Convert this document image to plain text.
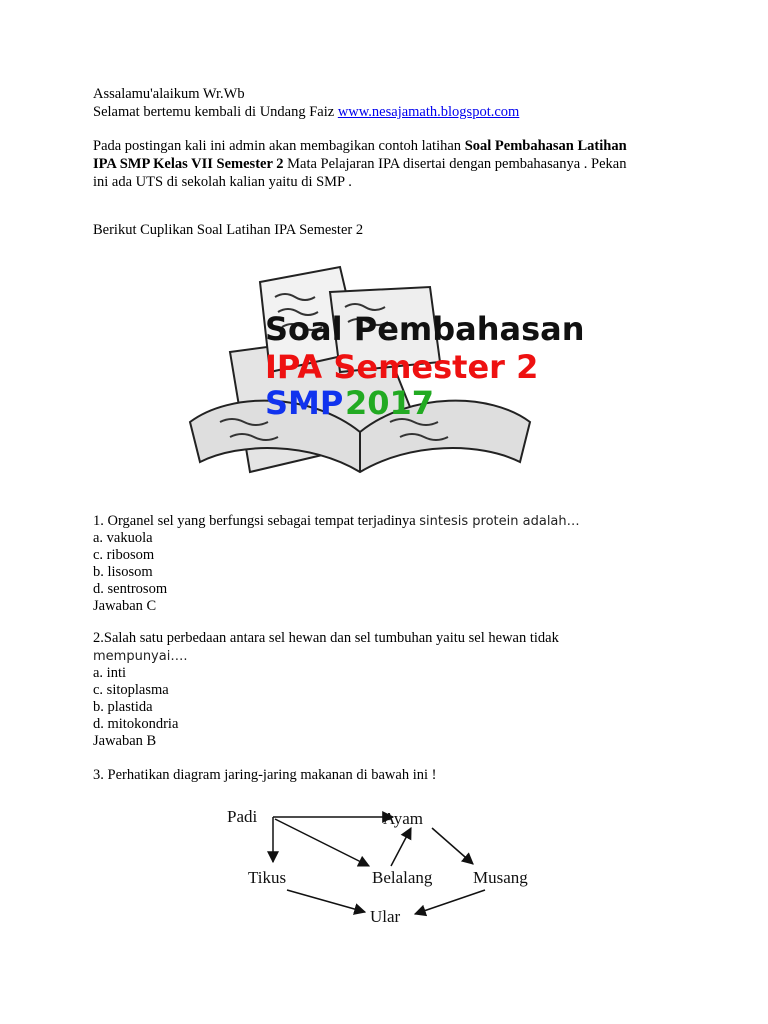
Assalamu'alaikum Wr.Wb
Selamat bertemu kembali di Undang Faiz www.nesajamath.blogspot.com
Pada postingan kali ini admin akan membagikan contoh latihan Soal Pembahasan Latihan
IPA SMP Kelas VII Semester 2 Mata Pelajaran IPA disertai dengan pembahasanya . Pekan
ini ada UTS di sekolah kalian yaitu di SMP .
Berikut Cuplikan Soal Latihan IPA Semester 2
Soal Pembahasan
IPA Semester 2
SMP 2017
1. Organel sel yang berfungsi sebagai tempat terjadinya sintesis protein adalah…
a. vakuola
c. ribosom
b. lisosom
d. sentrosom
Jawaban C
2.Salah satu perbedaan antara sel hewan dan sel tumbuhan yaitu sel hewan tidak
mempunyai….
a. inti
c. sitoplasma
b. plastida
d. mitokondria
Jawaban B
3. Perhatikan diagram jaring-jaring makanan di bawah ini !
Padi	Ayam
Tikus	Belalang Musang
Ular
